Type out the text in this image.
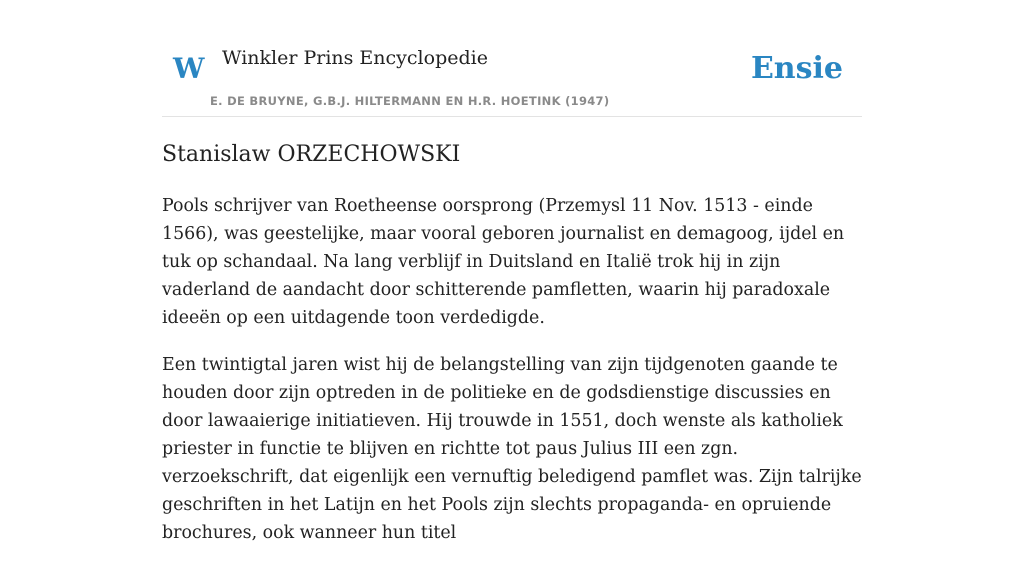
W Winkler Prins Encyclopedie
E. DE BRUYNE, G.B.J. HILTERMANN EN H.R. HOETINK (1947)
Ensie
Stanislaw ORZECHOWSKI

Pools schrijver van Roetheense oorsprong (Przemysl 11 Nov. 1513 - einde 1566), was geestelijke, maar vooral geboren journalist en demagoog, ijdel en tuk op schandaal. Na lang verblijf in Duitsland en Italië trok hij in zijn vaderland de aandacht door schitterende pamfletten, waarin hij paradoxale ideeën op een uitdagende toon verdedigde.

Een twintigtal jaren wist hij de belangstelling van zijn tijdgenoten gaande te houden door zijn optreden in de politieke en de godsdienstige discussies en door lawaaierige initiatieven. Hij trouwde in 1551, doch wenste als katholiek priester in functie te blijven en richtte tot paus Julius III een zgn. verzoekschrift, dat eigenlijk een vernuftig beledigend pamflet was. Zijn talrijke geschriften in het Latijn en het Pools zijn slechts propaganda- en opruiende brochures, ook wanneer hun titel
